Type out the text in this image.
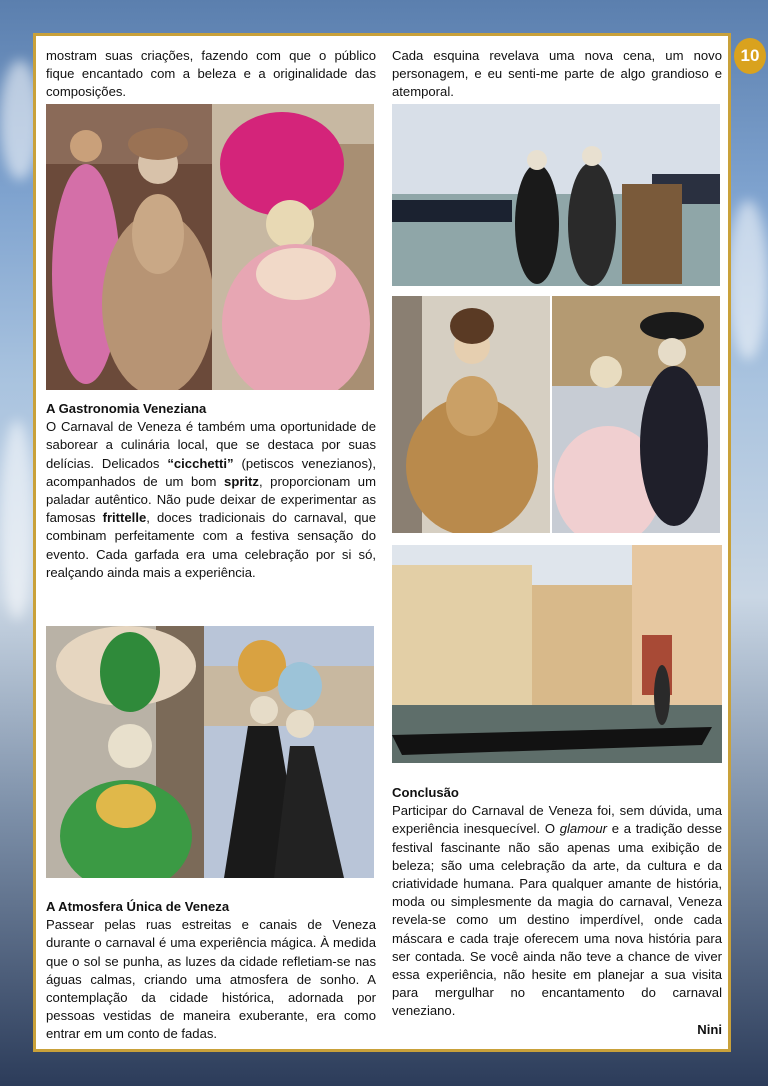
10

mostram suas criações, fazendo com que o público fique encantado com a beleza e a originalidade das composições.

A Gastronomia Veneziana

O Carnaval de Veneza é também uma oportunidade de saborear a culinária local, que se destaca por suas delícias. Delicados “cicchetti” (petiscos venezianos), acompanhados de um bom spritz, proporcionam um paladar autêntico. Não pude deixar de experimentar as famosas frittelle, doces tradicionais do carnaval, que combinam perfeitamente com a festiva sensação do evento. Cada garfada era uma celebração por si só, realçando ainda mais a experiência.

A Atmosfera Única de Veneza

Passear pelas ruas estreitas e canais de Veneza durante o carnaval é uma experiência mágica. À medida que o sol se punha, as luzes da cidade refletiam-se nas águas calmas, criando uma atmosfera de sonho. A contemplação da cidade histórica, adornada por pessoas vestidas de maneira exuberante, era como entrar em um conto de fadas.

Cada esquina revelava uma nova cena, um novo personagem, e eu senti-me parte de algo grandioso e atemporal.

Conclusão

Participar do Carnaval de Veneza foi, sem dúvida, uma experiência inesquecível. O glamour e a tradição desse festival fascinante não são apenas uma exibição de beleza; são uma celebração da arte, da cultura e da criatividade humana. Para qualquer amante de história, moda ou simplesmente da magia do carnaval, Veneza revela-se como um destino imperdível, onde cada máscara e cada traje oferecem uma nova história para ser contada. Se você ainda não teve a chance de viver essa experiência, não hesite em planejar a sua visita para mergulhar no encantamento do carnaval veneziano.

Nini
